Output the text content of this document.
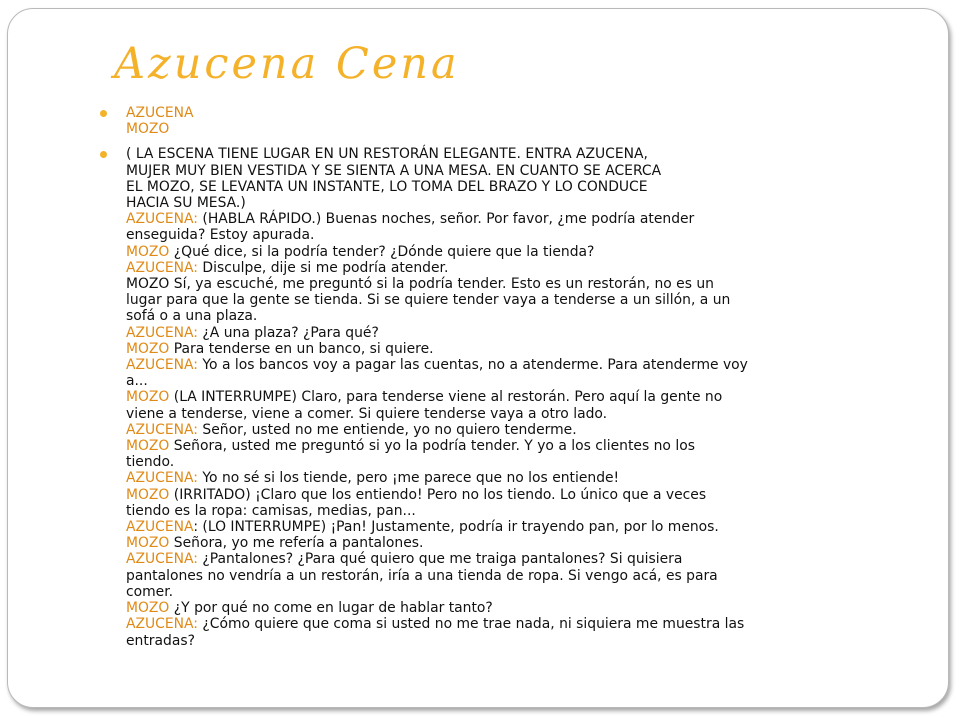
Azucena Cena
AZUCENA
MOZO
( LA ESCENA TIENE LUGAR EN UN RESTORÁN ELEGANTE. ENTRA AZUCENA,
MUJER MUY BIEN VESTIDA Y SE SIENTA A UNA MESA. EN CUANTO SE ACERCA
EL MOZO, SE LEVANTA UN INSTANTE, LO TOMA DEL BRAZO Y LO CONDUCE
HACIA SU MESA.)
AZUCENA: (HABLA RÁPIDO.) Buenas noches, señor. Por favor, ¿me podría atender
enseguida? Estoy apurada.
MOZO ¿Qué dice, si la podría tender? ¿Dónde quiere que la tienda?
AZUCENA: Disculpe, dije si me podría atender.
MOZO Sí, ya escuché, me preguntó si la podría tender. Esto es un restorán, no es un
lugar para que la gente se tienda. Si se quiere tender vaya a tenderse a un sillón, a un
sofá o a una plaza.
AZUCENA: ¿A una plaza? ¿Para qué?
MOZO Para tenderse en un banco, si quiere.
AZUCENA: Yo a los bancos voy a pagar las cuentas, no a atenderme. Para atenderme voy
a...
MOZO (LA INTERRUMPE) Claro, para tenderse viene al restorán. Pero aquí la gente no
viene a tenderse, viene a comer. Si quiere tenderse vaya a otro lado.
AZUCENA: Señor, usted no me entiende, yo no quiero tenderme.
MOZO Señora, usted me preguntó si yo la podría tender. Y yo a los clientes no los
tiendo.
AZUCENA: Yo no sé si los tiende, pero ¡me parece que no los entiende!
MOZO (IRRITADO) ¡Claro que los entiendo! Pero no los tiendo. Lo único que a veces
tiendo es la ropa: camisas, medias, pan...
AZUCENA: (LO INTERRUMPE) ¡Pan! Justamente, podría ir trayendo pan, por lo menos.
MOZO Señora, yo me refería a pantalones.
AZUCENA: ¿Pantalones? ¿Para qué quiero que me traiga pantalones? Si quisiera
pantalones no vendría a un restorán, iría a una tienda de ropa. Si vengo acá, es para
comer.
MOZO ¿Y por qué no come en lugar de hablar tanto?
AZUCENA: ¿Cómo quiere que coma si usted no me trae nada, ni siquiera me muestra las
entradas?
